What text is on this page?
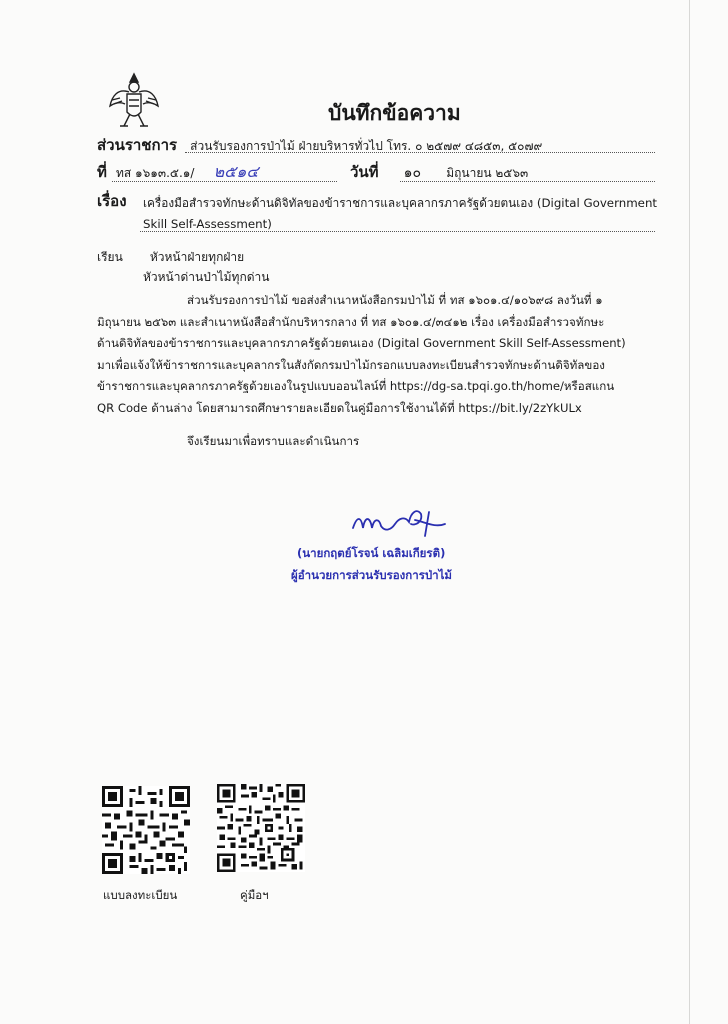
บันทึกข้อความ
ส่วนราชการ ส่วนรับรองการป่าไม้ ฝ่ายบริหารทั่วไป โทร. ๐ ๒๕๗๙ ๔๘๕๓, ๕๐๗๙
ที่ ทส ๑๖๑๓.๕.๑/ ๒๕๑๔	วันที่ ๑๐ มิถุนายน ๒๕๖๓
เรื่อง เครื่องมือสำรวจทักษะด้านดิจิทัลของข้าราชการและบุคลากรภาครัฐด้วยตนเอง (Digital Government
Skill Self-Assessment)
เรียน หัวหน้าฝ่ายทุกฝ่าย
หัวหน้าด่านป่าไม้ทุกด่าน

ส่วนรับรองการป่าไม้ ขอส่งสำเนาหนังสือกรมป่าไม้ ที่ ทส ๑๖๐๑.๔/๑๐๖๙๘ ลงวันที่ ๑

มิถุนายน ๒๕๖๓ และสำเนาหนังสือสำนักบริหารกลาง ที่ ทส ๑๖๐๑.๔/๓๔๑๒ เรื่อง เครื่องมือสำรวจทักษะ

ด้านดิจิทัลของข้าราชการและบุคลากรภาครัฐด้วยตนเอง (Digital Government Skill Self-Assessment)

มาเพื่อแจ้งให้ข้าราชการและบุคลากรในสังกัดกรมป่าไม้กรอกแบบลงทะเบียนสำรวจทักษะด้านดิจิทัลของ

ข้าราชการและบุคลากรภาครัฐด้วยเองในรูปแบบออนไลน์ที่ https://dg-sa.tpqi.go.th/home/หรือสแกน

QR Code ด้านล่าง โดยสามารถศึกษารายละเอียดในคู่มือการใช้งานได้ที่ https://bit.ly/2zYkULx

จึงเรียนมาเพื่อทราบและดำเนินการ

(นายกฤตย์โรจน์ เฉลิมเกียรติ)
ผู้อำนวยการส่วนรับรองการป่าไม้
แบบลงทะเบียน	คู่มือฯ
